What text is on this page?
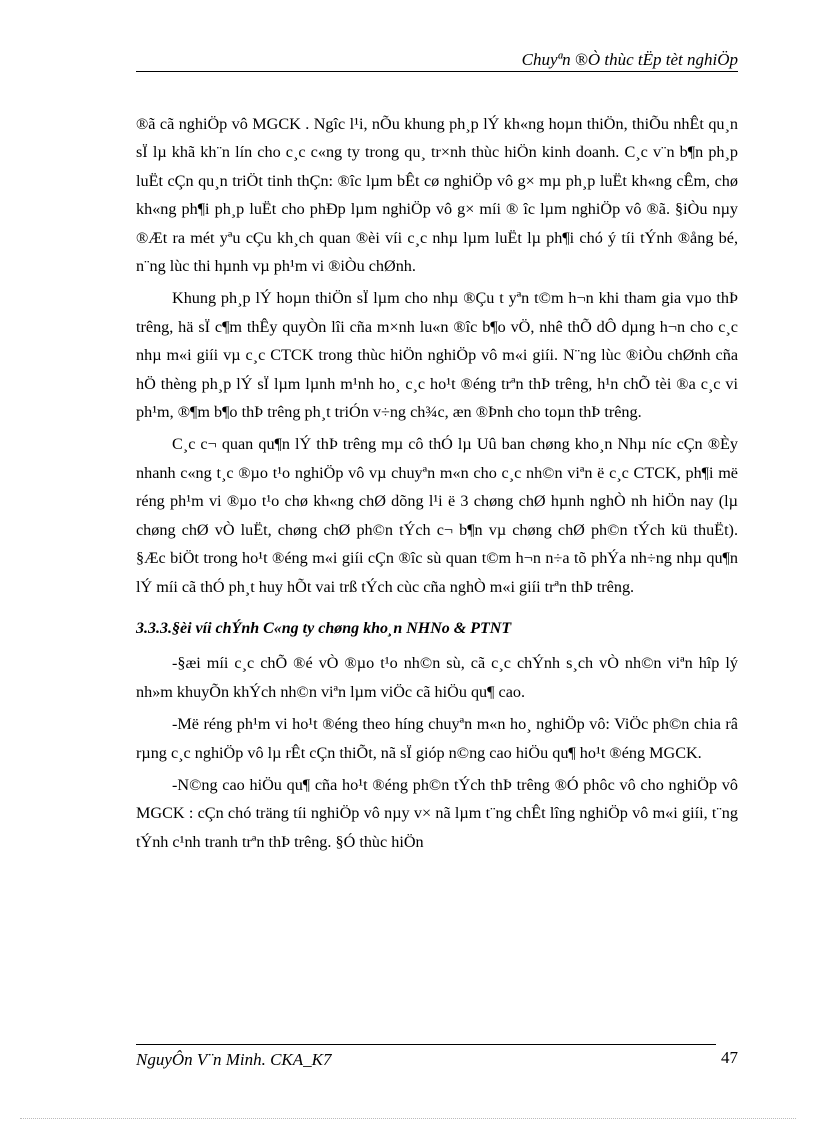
Chuyªn ®Ò thùc tËp tèt nghiÖp

®ã cã nghiÖp vô MGCK . Ngîc l¹i, nÕu khung ph¸p lÝ kh«ng hoµn thiÖn, thiÕu nhÊt qu¸n sÏ lµ khã kh¨n lín cho c¸c c«ng ty trong qu¸ tr×nh thùc hiÖn kinh doanh. C¸c v¨n b¶n ph¸p luËt cÇn qu¸n triÖt tinh thÇn: ®îc lµm bÊt cø nghiÖp vô g× mµ ph¸p luËt kh«ng cÊm, chø kh«ng ph¶i ph¸p luËt cho phÐp lµm nghiÖp vô g× míi ® îc lµm nghiÖp vô ®ã. §iÒu nµy ®Æt ra mét yªu cÇu kh¸ch quan ®èi víi c¸c nhµ lµm luËt lµ ph¶i chó ý tíi tÝnh ®ång bé, n¨ng lùc thi hµnh vµ ph¹m vi ®iÒu chØnh.

Khung ph¸p lÝ hoµn thiÖn sÏ lµm cho nhµ ®Çu t yªn t©m h¬n khi tham gia vµo thÞ trêng, hä sÏ c¶m thÊy quyÒn lîi cña m×nh lu«n ®îc b¶o vÖ, nhê thÕ dÔ dµng h¬n cho c¸c nhµ m«i giíi vµ c¸c CTCK trong thùc hiÖn nghiÖp vô m«i giíi. N¨ng lùc ®iÒu chØnh cña hÖ thèng ph¸p lÝ sÏ lµm lµnh m¹nh ho¸ c¸c ho¹t ®éng trªn thÞ trêng, h¹n chÕ tèi ®a c¸c vi ph¹m, ®¶m b¶o thÞ trêng ph¸t triÓn v÷ng ch¾c, æn ®Þnh cho toµn thÞ trêng.

C¸c c¬ quan qu¶n lÝ thÞ trêng mµ cô thÓ lµ Uû ban chøng kho¸n Nhµ níc cÇn ®Èy nhanh c«ng t¸c ®µo t¹o nghiÖp vô vµ chuyªn m«n cho c¸c nh©n viªn ë c¸c CTCK, ph¶i më réng ph¹m vi ®µo t¹o chø kh«ng chØ dõng l¹i ë 3 chøng chØ hµnh nghÒ nh hiÖn nay (lµ chøng chØ vÒ luËt, chøng chØ ph©n tÝch c¬ b¶n vµ chøng chØ ph©n tÝch kü thuËt). §Æc biÖt trong ho¹t ®éng m«i giíi cÇn ®îc sù quan t©m h¬n n÷a tõ phÝa nh÷ng nhµ qu¶n lÝ míi cã thÓ ph¸t huy hÕt vai trß tÝch cùc cña nghÒ m«i giíi trªn thÞ trêng.

3.3.3.§èi víi chÝnh C«ng ty chøng kho¸n NHNo & PTNT

-§æi míi c¸c chÕ ®é vÒ ®µo t¹o nh©n sù, cã c¸c chÝnh s¸ch vÒ nh©n viªn hîp lý nh»m khuyÕn khÝch nh©n viªn lµm viÖc cã hiÖu qu¶ cao.

-Më réng ph¹m vi ho¹t ®éng theo híng chuyªn m«n ho¸ nghiÖp vô: ViÖc ph©n chia râ rµng c¸c nghiÖp vô lµ rÊt cÇn thiÕt, nã sÏ gióp n©ng cao hiÖu qu¶ ho¹t ®éng MGCK.

-N©ng cao hiÖu qu¶ cña ho¹t ®éng ph©n tÝch thÞ trêng ®Ó phôc vô cho nghiÖp vô MGCK : cÇn chó träng tíi nghiÖp vô nµy v× nã lµm t¨ng chÊt lîng nghiÖp vô m«i giíi, t¨ng tÝnh c¹nh tranh trªn thÞ trêng. §Ó thùc hiÖn

NguyÔn V¨n Minh. CKA_K7	47
